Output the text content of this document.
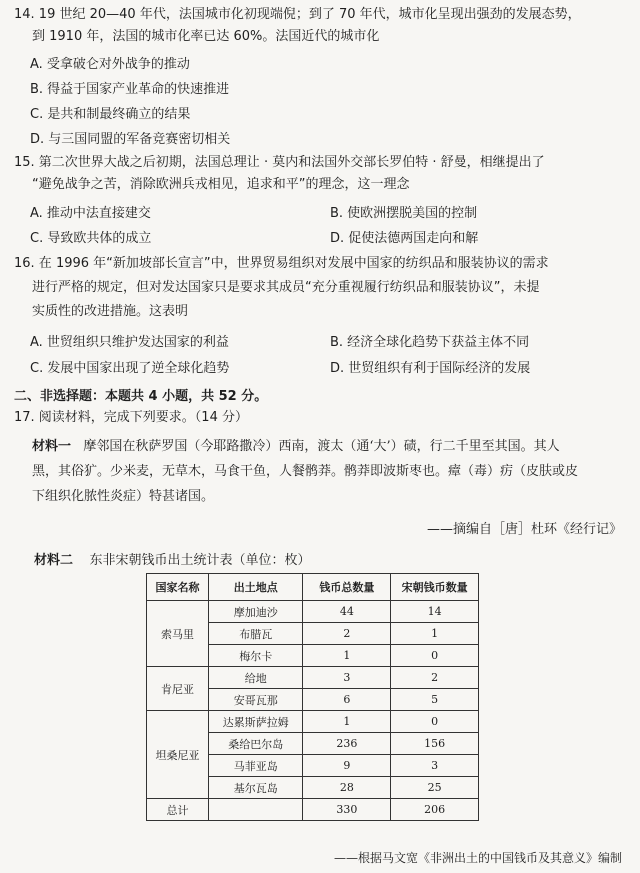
14. 19 世纪 20—40 年代，法国城市化初现端倪；到了 70 年代，城市化呈现出强劲的发展态势，
到 1910 年，法国的城市化率已达 60%。法国近代的城市化
A. 受拿破仑对外战争的推动
B. 得益于国家产业革命的快速推进
C. 是共和制最终确立的结果
D. 与三国同盟的军备竞赛密切相关
15. 第二次世界大战之后初期，法国总理让 · 莫内和法国外交部长罗伯特 · 舒曼，相继提出了
“避免战争之苦，消除欧洲兵戎相见，追求和平”的理念，这一理念
A. 推动中法直接建交	B. 使欧洲摆脱美国的控制
C. 导致欧共体的成立	D. 促使法德两国走向和解
16. 在 1996 年“新加坡部长宣言”中，世界贸易组织对发展中国家的纺织品和服装协议的需求
进行严格的规定，但对发达国家只是要求其成员“充分重视履行纺织品和服装协议”，未提
实质性的改进措施。这表明
A. 世贸组织只维护发达国家的利益	B. 经济全球化趋势下获益主体不同
C. 发展中国家出现了逆全球化趋势	D. 世贸组织有利于国际经济的发展
二、非选择题：本题共 4 小题，共 52 分。
17. 阅读材料，完成下列要求。（14 分）
材料一 摩邻国在秋萨罗国（今耶路撒冷）西南，渡太（通‘大’）碛，行二千里至其国。其人
黑，其俗犷。少米麦，无草木，马食干鱼，人餐鹘莽。鹘莽即波斯枣也。瘴（毒）疠（皮肤或皮
下组织化脓性炎症）特甚诸国。
——摘编自［唐］杜环《经行记》
材料二 东非宋朝钱币出土统计表（单位：枚）
国家名称	出土地点	钱币总数量	宋朝钱币数量
索马里	摩加迪沙	44	14
	布腊瓦	2	1
	梅尔卡	1	0
肯尼亚	给地	3	2
	安哥瓦那	6	5
坦桑尼亚	达累斯萨拉姆	1	0
	桑给巴尔岛	236	156
	马菲亚岛	9	3
	基尔瓦岛	28	25
总计		330	206
——根据马文宽《非洲出土的中国钱币及其意义》编制
